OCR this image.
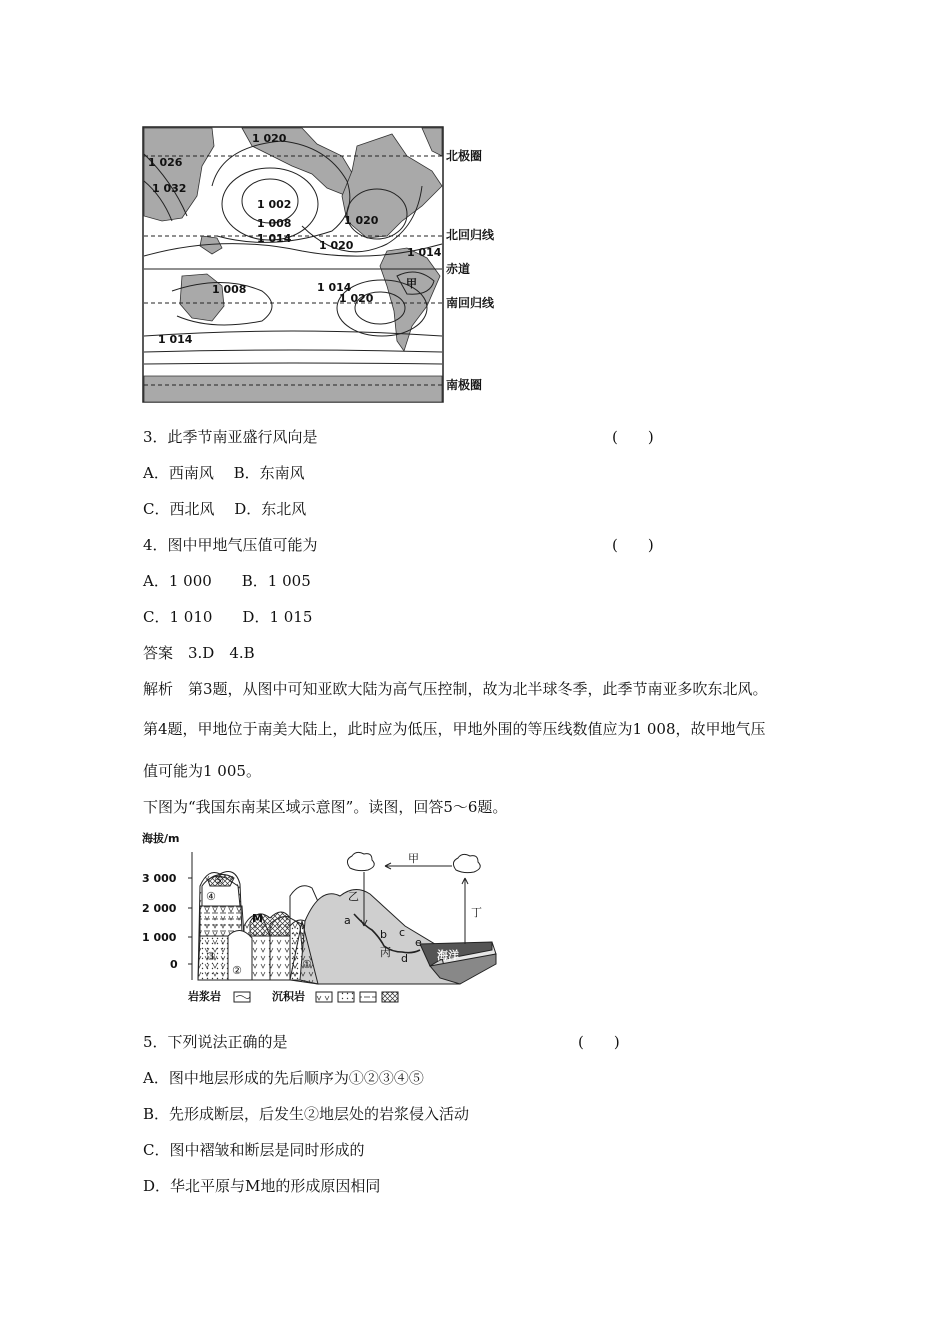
1 020
1 026
1 032
1 002
1 008
1 014
1 020
1 020
1 014
1 008	1 014
1 020
1 014
甲
北极圈
北回归线
赤道
南回归线
南极圈
3．此季节南亚盛行风向是	(　　)
A．西南风　 B．东南风
C．西北风　 D．东北风
4．图中甲地气压值可能为	(　　)
A．1 000　　B．1 005
C．1 010　　D．1 015
答案　3.D　4.B
解析　第3题，从图中可知亚欧大陆为高气压控制，故为北半球冬季，此季节南亚多吹东北风。
第4题，甲地位于南美大陆上，此时应为低压，甲地外围的等压线数值应为1 008，故甲地气压
值可能为1 005。
下图为“我国东南某区域示意图”。读图，回答5～6题。
海拔/m
3 000
2 000
1 000
0
甲
乙
丁
丙	海洋
M	a
b c
d
e
⑤
④
③
②	①
岩浆岩	沉积岩
5．下列说法正确的是	(　　)
A．图中地层形成的先后顺序为①②③④⑤
B．先形成断层，后发生②地层处的岩浆侵入活动
C．图中褶皱和断层是同时形成的
D．华北平原与M地的形成原因相同
